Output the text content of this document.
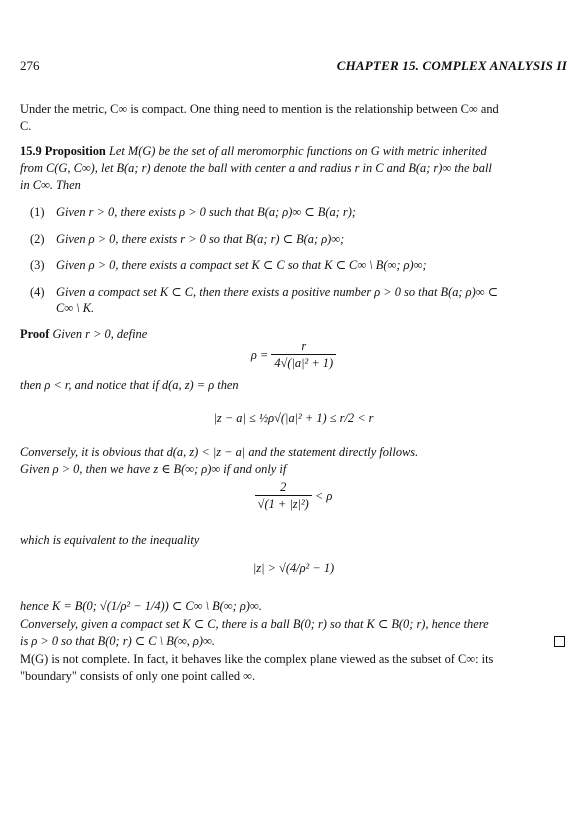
276	CHAPTER 15. COMPLEX ANALYSIS II
Under the metric, C∞ is compact. One thing need to mention is the relationship between C∞ and
C.
15.9 Proposition Let M(G) be the set of all meromorphic functions on G with metric inherited
from C(G, C∞), let B(a; r) denote the ball with center a and radius r in C and B(a; r)∞ the ball
in C∞. Then
(1) Given r > 0, there exists ρ > 0 such that B(a; ρ)∞ ⊂ B(a; r);
(2) Given ρ > 0, there exists r > 0 so that B(a; r) ⊂ B(a; ρ)∞;
(3) Given ρ > 0, there exists a compact set K ⊂ C so that K ⊂ C∞ \ B(∞; ρ)∞;
(4) Given a compact set K ⊂ C, then there exists a positive number ρ > 0 so that B(a; ρ)∞ ⊂
C∞ \ K.
Proof Given r > 0, define
$\rho = \frac{r}{\text{4√(|a|² + 1)}}$
then ρ < r, and notice that if d(a, z) = ρ then
|z − a| ≤ ½ρ√(|a|² + 1) ≤ r/2 < r
Conversely, it is obvious that d(a, z) < |z − a| and the statement directly follows.
Given ρ > 0, then we have z ∈ B(∞; ρ)∞ if and only if
$\frac{2}{\text{√(1 + |z|²)}} < \rho$
which is equivalent to the inequality
|z| > √(4/ρ² − 1)
hence K = B(0; √(1/ρ² − 1/4)) ⊂ C∞ \ B(∞; ρ)∞.
Conversely, given a compact set K ⊂ C, there is a ball B(0; r) so that K ⊂ B(0; r), hence there
is ρ > 0 so that B(0; r) ⊂ C \ B(∞, ρ)∞.
M(G) is not complete. In fact, it behaves like the complex plane viewed as the subset of C∞: its
"boundary" consists of only one point called ∞.
